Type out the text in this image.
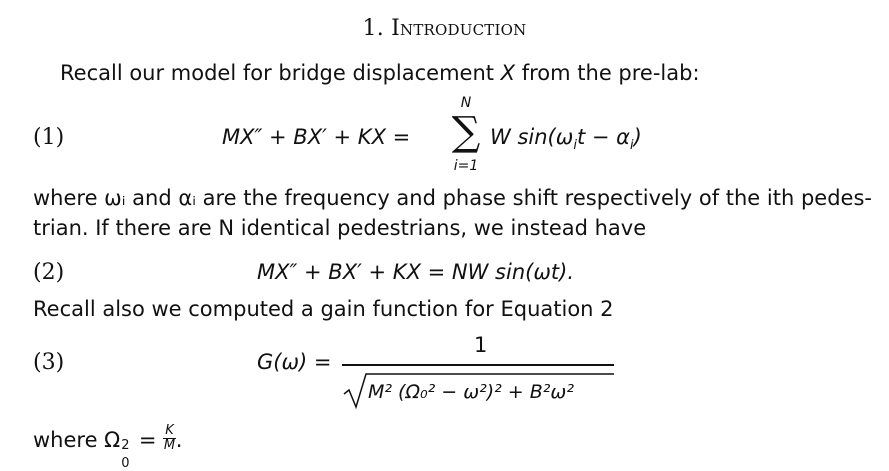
1. Introduction
Recall our model for bridge displacement X from the pre-lab:
(1)	MX″ + BX′ + KX =
N
∑
i=1
W $\sin(\omega_it - \alpha_i)$
where ωᵢ and αᵢ are the frequency and phase shift respectively of the ith pedes-
trian. If there are N identical pedestrians, we instead have
(2)	MX″ + BX′ + KX = NW sin(ωt).
Recall also we computed a gain function for Equation 2
(3)	G(ω) =
1
M² (Ω₀² − ω²)² + B²ω²
where Ω 2
0
= $\frac{K}{M}$ .
